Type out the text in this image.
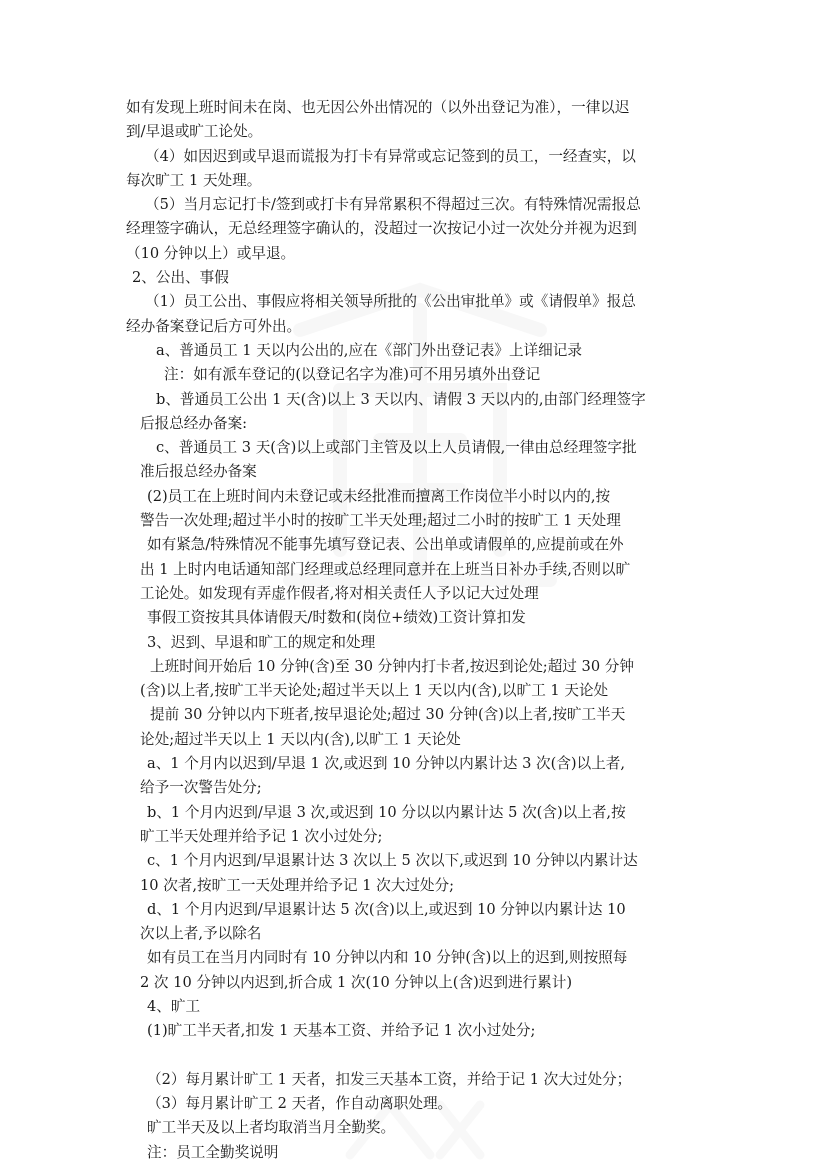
如有发现上班时间未在岗、也无因公外出情况的（以外出登记为准），一律以迟
到/早退或旷工论处。
（4）如因迟到或早退而谎报为打卡有异常或忘记签到的员工，一经查实，以
每次旷工 1 天处理。
（5）当月忘记打卡/签到或打卡有异常累积不得超过三次。有特殊情况需报总
经理签字确认，无总经理签字确认的，没超过一次按记小过一次处分并视为迟到
（10 分钟以上）或早退。
2、公出、事假
（1）员工公出、事假应将相关领导所批的《公出审批单》或《请假单》报总
经办备案登记后方可外出。
a、普通员工 1 天以内公出的,应在《部门外出登记表》上详细记录
注：如有派车登记的(以登记名字为准)可不用另填外出登记
b、普通员工公出 1 天(含)以上 3 天以内、请假 3 天以内的,由部门经理签字
后报总经办备案:
c、普通员工 3 天(含)以上或部门主管及以上人员请假,一律由总经理签字批
准后报总经办备案
(2)员工在上班时间内未登记或未经批准而擅离工作岗位半小时以内的,按
警告一次处理;超过半小时的按旷工半天处理;超过二小时的按旷工 1 天处理
如有紧急/特殊情况不能事先填写登记表、公出单或请假单的,应提前或在外
出 1 上时内电话通知部门经理或总经理同意并在上班当日补办手续,否则以旷
工论处。如发现有弄虚作假者,将对相关责任人予以记大过处理
事假工资按其具体请假天/时数和(岗位+绩效)工资计算扣发
3、迟到、早退和旷工的规定和处理
上班时间开始后 10 分钟(含)至 30 分钟内打卡者,按迟到论处;超过 30 分钟
(含)以上者,按旷工半天论处;超过半天以上 1 天以内(含),以旷工 1 天论处
提前 30 分钟以内下班者,按早退论处;超过 30 分钟(含)以上者,按旷工半天
论处;超过半天以上 1 天以内(含),以旷工 1 天论处
a、1 个月内以迟到/早退 1 次,或迟到 10 分钟以内累计达 3 次(含)以上者,
给予一次警告处分;
b、1 个月内迟到/早退 3 次,或迟到 10 分以以内累计达 5 次(含)以上者,按
旷工半天处理并给予记 1 次小过处分;
c、1 个月内迟到/早退累计达 3 次以上 5 次以下,或迟到 10 分钟以内累计达
10 次者,按旷工一天处理并给予记 1 次大过处分;
d、1 个月内迟到/早退累计达 5 次(含)以上,或迟到 10 分钟以内累计达 10
次以上者,予以除名
如有员工在当月内同时有 10 分钟以内和 10 分钟(含)以上的迟到,则按照每
2 次 10 分钟以内迟到,折合成 1 次(10 分钟以上(含)迟到进行累计)
4、旷工
(1)旷工半天者,扣发 1 天基本工资、并给予记 1 次小过处分;
（2）每月累计旷工 1 天者，扣发三天基本工资，并给于记 1 次大过处分；
（3）每月累计旷工 2 天者，作自动离职处理。
旷工半天及以上者均取消当月全勤奖。
注：员工全勤奖说明
